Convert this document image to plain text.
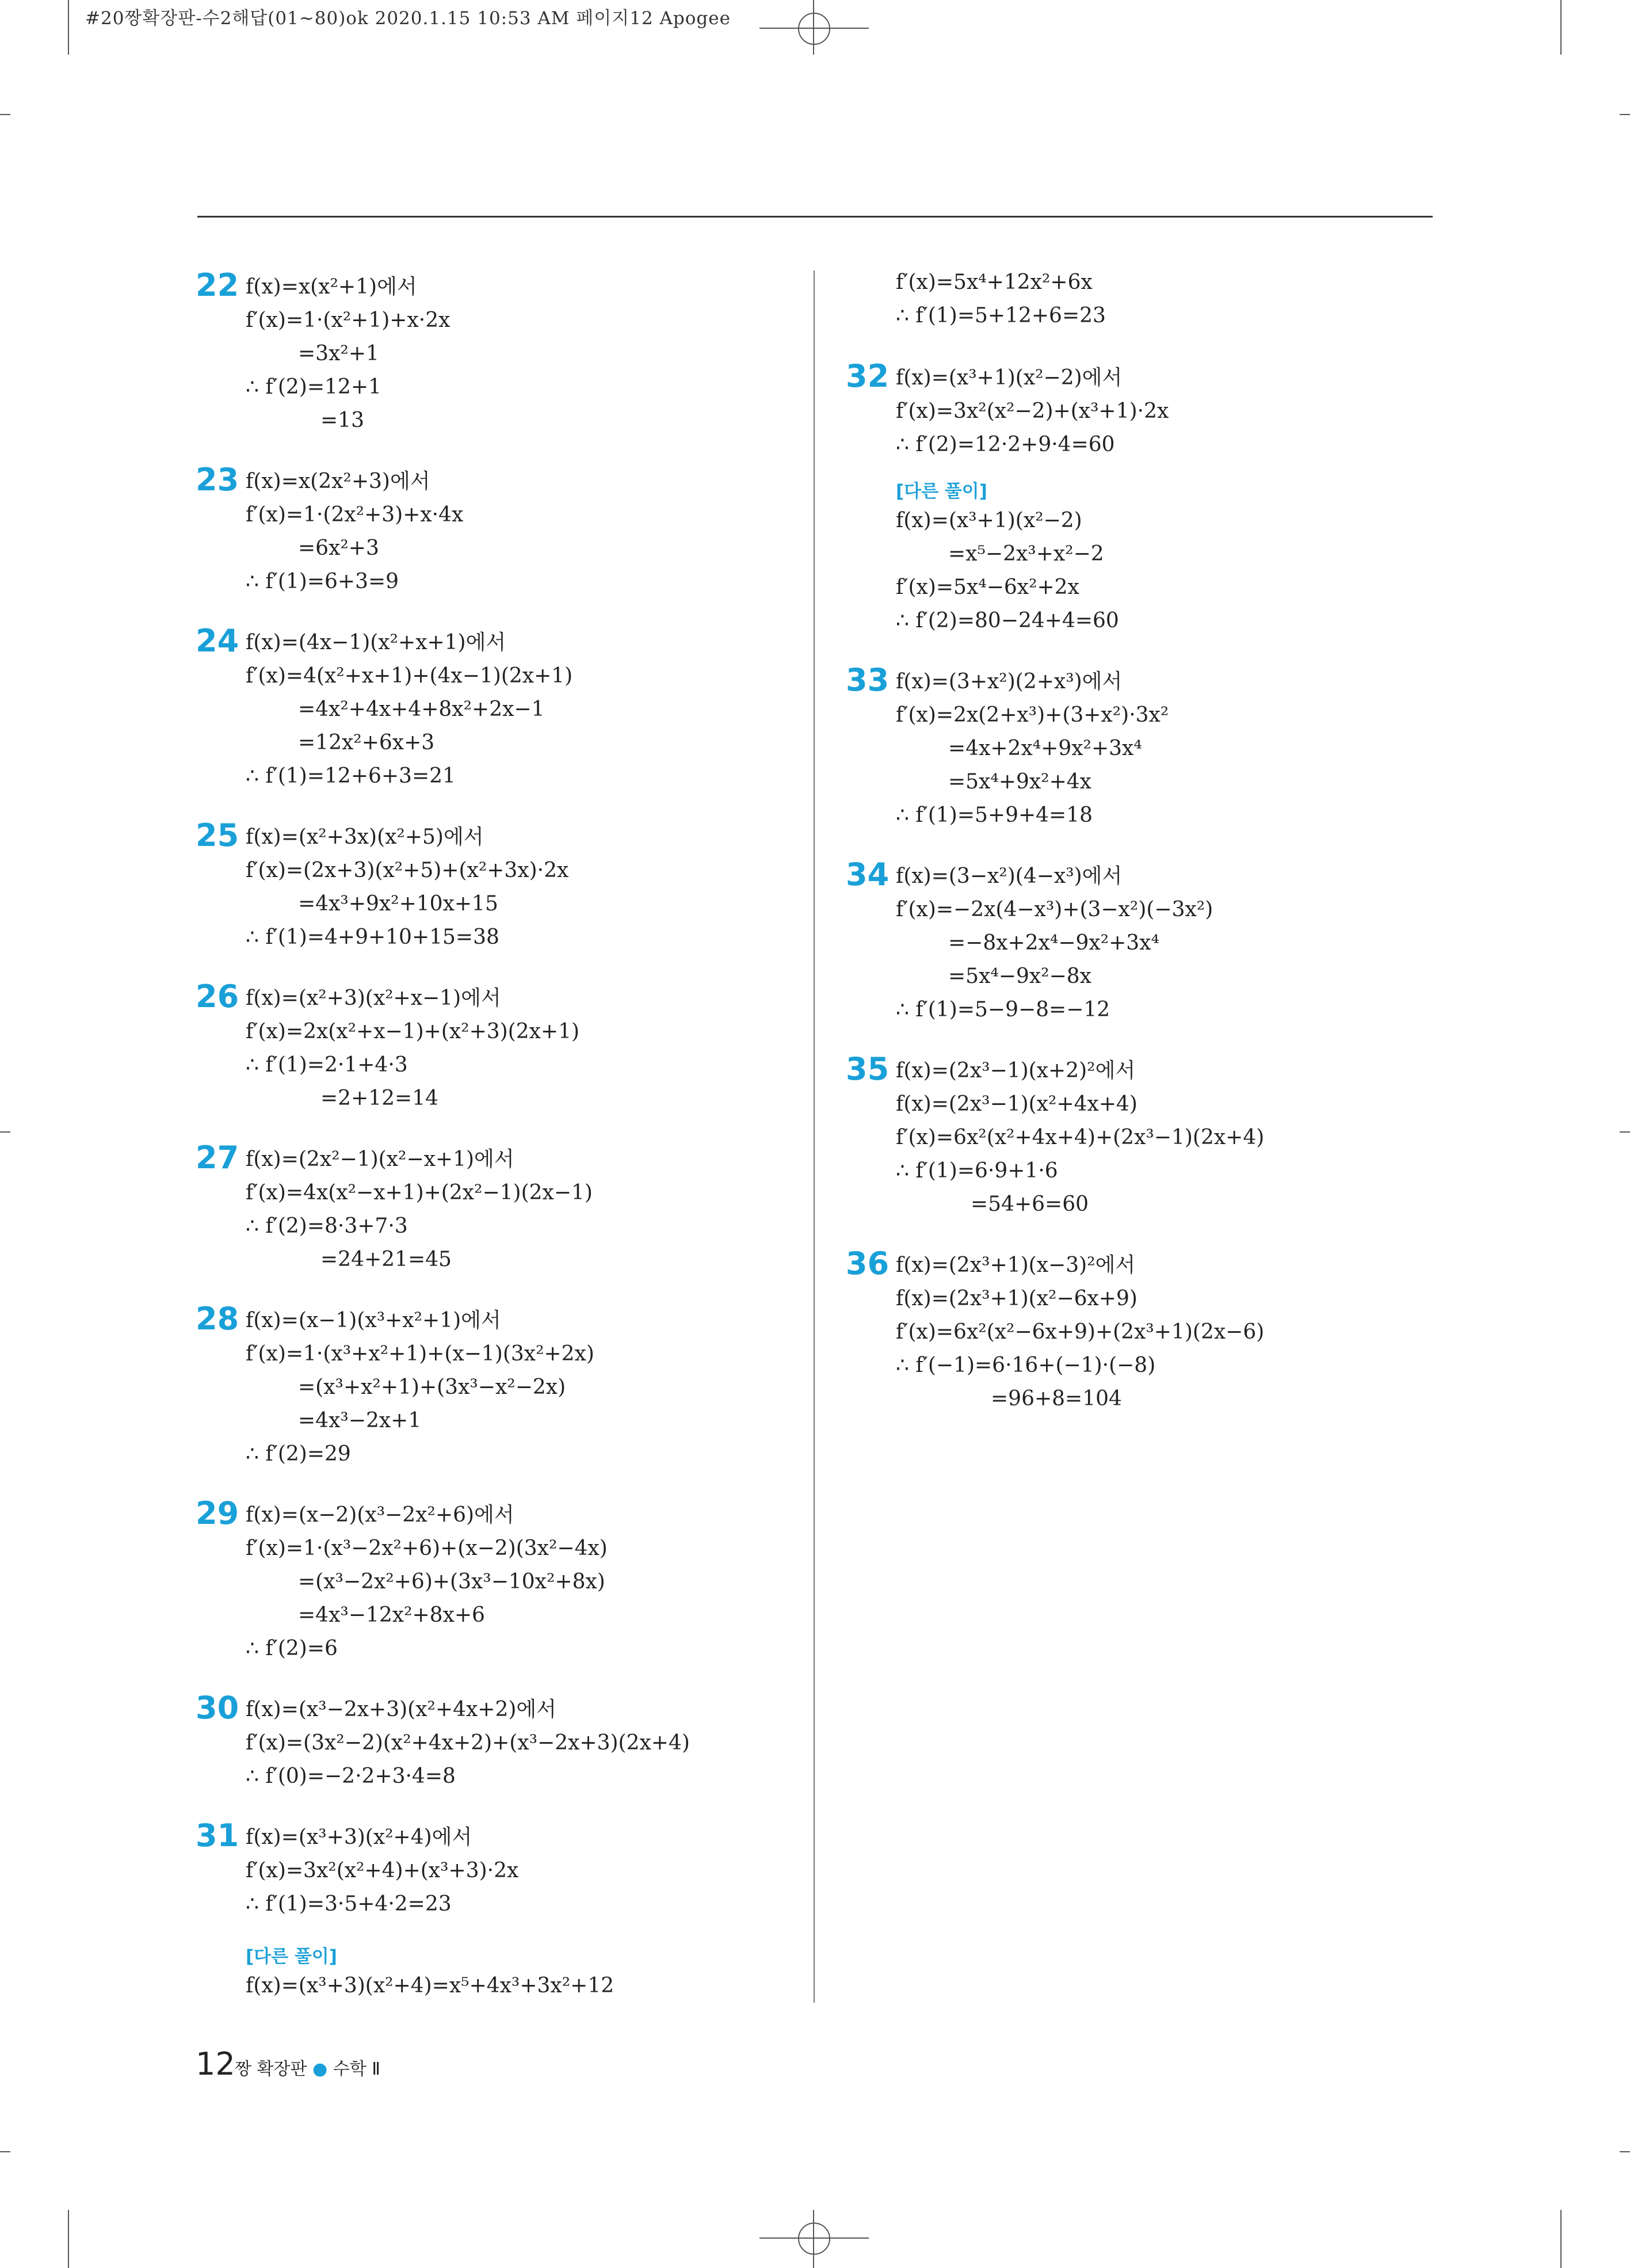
#20짱확장판-수2해답(01~80)ok 2020.1.15 10:53 AM 페이지12 Apogee
22 f(x)=x(x²+1)에서
f′(x)=1·(x²+1)+x·2x
=3x²+1
∴ f′(2)=12+1
=13
23 f(x)=x(2x²+3)에서
f′(x)=1·(2x²+3)+x·4x
=6x²+3
∴ f′(1)=6+3=9
24 f(x)=(4x−1)(x²+x+1)에서
f′(x)=4(x²+x+1)+(4x−1)(2x+1)
=4x²+4x+4+8x²+2x−1
=12x²+6x+3
∴ f′(1)=12+6+3=21
25 f(x)=(x²+3x)(x²+5)에서
f′(x)=(2x+3)(x²+5)+(x²+3x)·2x
=4x³+9x²+10x+15
∴ f′(1)=4+9+10+15=38
26 f(x)=(x²+3)(x²+x−1)에서
f′(x)=2x(x²+x−1)+(x²+3)(2x+1)
∴ f′(1)=2·1+4·3
=2+12=14
27 f(x)=(2x²−1)(x²−x+1)에서
f′(x)=4x(x²−x+1)+(2x²−1)(2x−1)
∴ f′(2)=8·3+7·3
=24+21=45
28 f(x)=(x−1)(x³+x²+1)에서
f′(x)=1·(x³+x²+1)+(x−1)(3x²+2x)
=(x³+x²+1)+(3x³−x²−2x)
=4x³−2x+1
∴ f′(2)=29
29 f(x)=(x−2)(x³−2x²+6)에서
f′(x)=1·(x³−2x²+6)+(x−2)(3x²−4x)
=(x³−2x²+6)+(3x³−10x²+8x)
=4x³−12x²+8x+6
∴ f′(2)=6
30 f(x)=(x³−2x+3)(x²+4x+2)에서
f′(x)=(3x²−2)(x²+4x+2)+(x³−2x+3)(2x+4)
∴ f′(0)=−2·2+3·4=8
31 f(x)=(x³+3)(x²+4)에서
f′(x)=3x²(x²+4)+(x³+3)·2x
∴ f′(1)=3·5+4·2=23
[다른 풀이]
f(x)=(x³+3)(x²+4)=x⁵+4x³+3x²+12
f′(x)=5x⁴+12x²+6x
∴ f′(1)=5+12+6=23
32 f(x)=(x³+1)(x²−2)에서
f′(x)=3x²(x²−2)+(x³+1)·2x
∴ f′(2)=12·2+9·4=60
[다른 풀이]
f(x)=(x³+1)(x²−2)
=x⁵−2x³+x²−2
f′(x)=5x⁴−6x²+2x
∴ f′(2)=80−24+4=60
33 f(x)=(3+x²)(2+x³)에서
f′(x)=2x(2+x³)+(3+x²)·3x²
=4x+2x⁴+9x²+3x⁴
=5x⁴+9x²+4x
∴ f′(1)=5+9+4=18
34 f(x)=(3−x²)(4−x³)에서
f′(x)=−2x(4−x³)+(3−x²)(−3x²)
=−8x+2x⁴−9x²+3x⁴
=5x⁴−9x²−8x
∴ f′(1)=5−9−8=−12
35 f(x)=(2x³−1)(x+2)²에서
f(x)=(2x³−1)(x²+4x+4)
f′(x)=6x²(x²+4x+4)+(2x³−1)(2x+4)
∴ f′(1)=6·9+1·6
=54+6=60
36 f(x)=(2x³+1)(x−3)²에서
f(x)=(2x³+1)(x²−6x+9)
f′(x)=6x²(x²−6x+9)+(2x³+1)(2x−6)
∴ f′(−1)=6·16+(−1)·(−8)
=96+8=104
12 짱 확장판 ● 수학 Ⅱ
